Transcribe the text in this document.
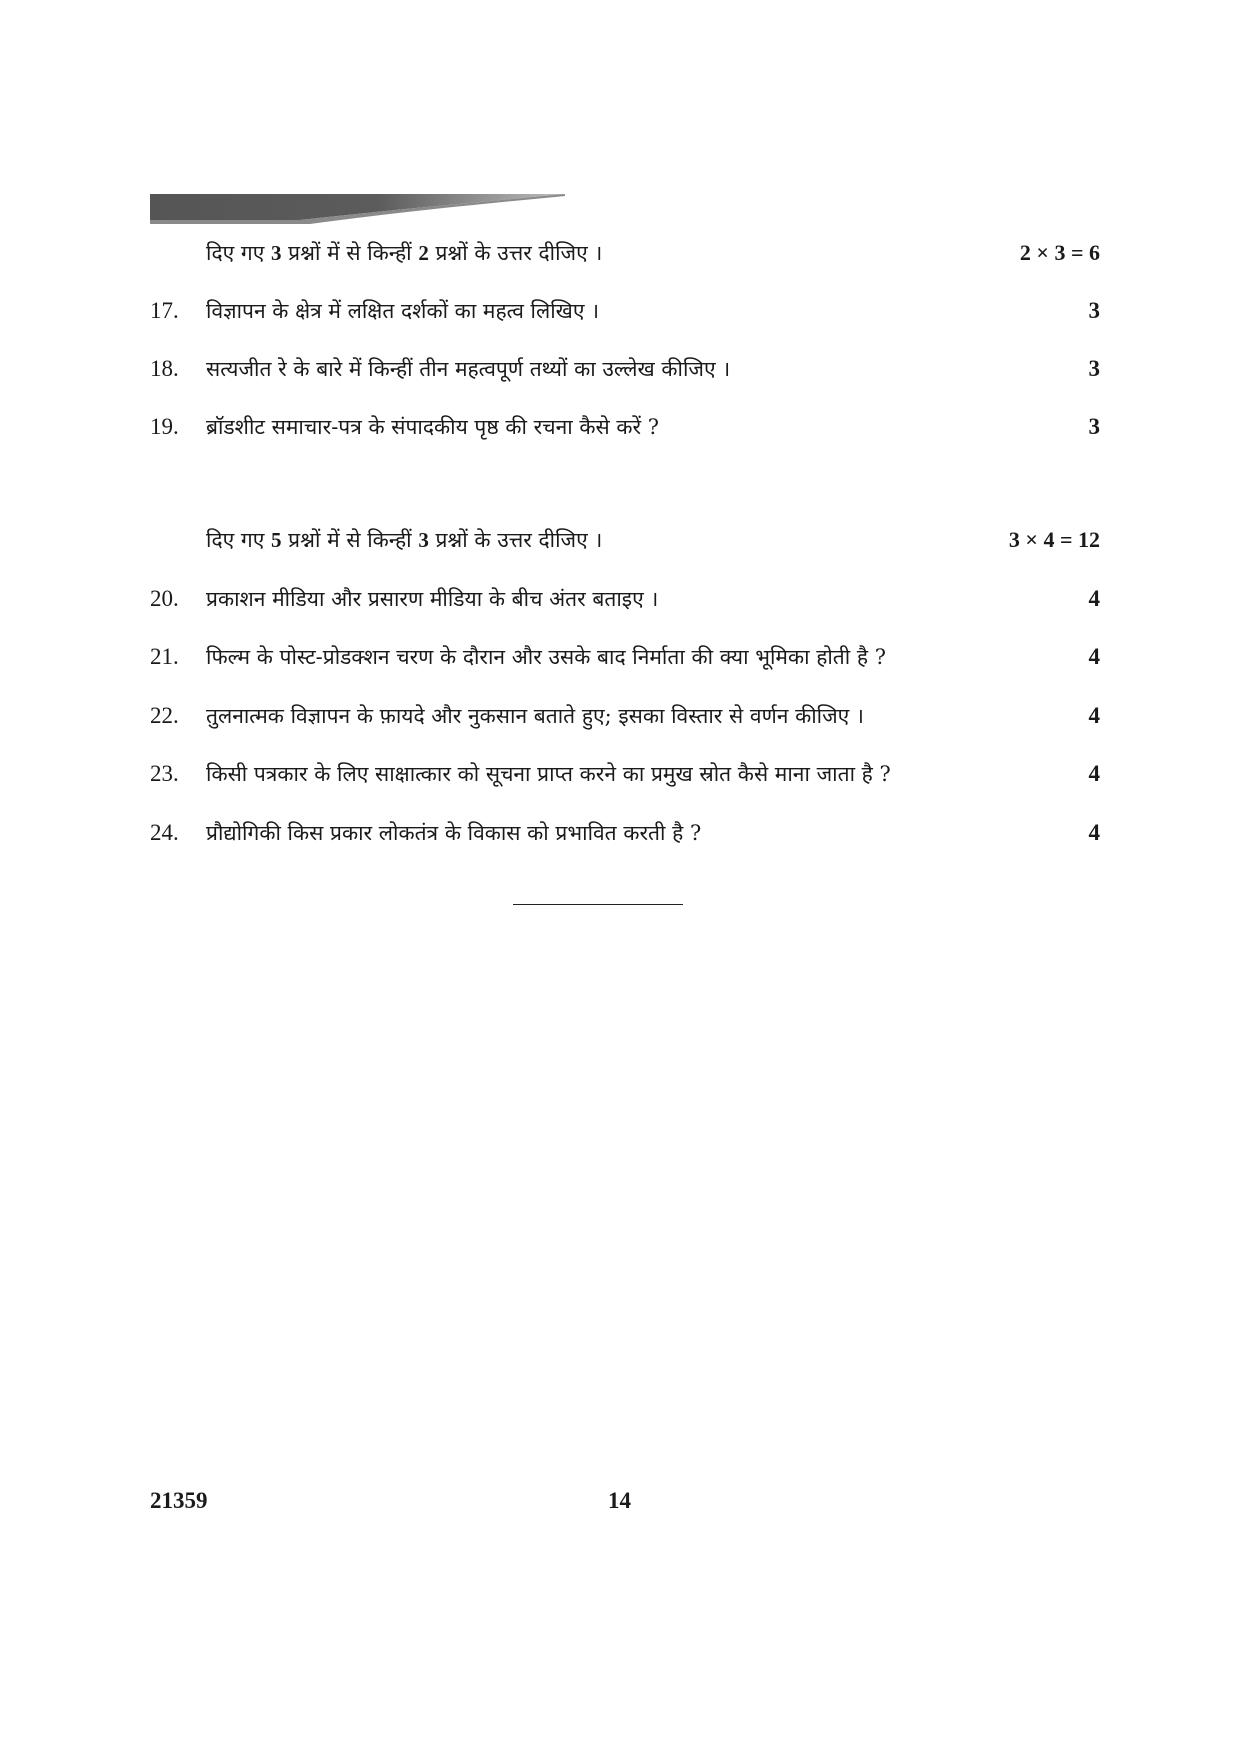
दिए गए 3 प्रश्नों में से किन्हीं 2 प्रश्नों के उत्तर दीजिए ।	2 × 3 = 6
17.	विज्ञापन के क्षेत्र में लक्षित दर्शकों का महत्व लिखिए ।	3
18.	सत्यजीत रे के बारे में किन्हीं तीन महत्वपूर्ण तथ्यों का उल्लेख कीजिए ।	3
19.	ब्रॉडशीट समाचार-पत्र के संपादकीय पृष्ठ की रचना कैसे करें ?	3
दिए गए 5 प्रश्नों में से किन्हीं 3 प्रश्नों के उत्तर दीजिए ।	3 × 4 = 12
20.	प्रकाशन मीडिया और प्रसारण मीडिया के बीच अंतर बताइए ।	4
21.	फिल्म के पोस्ट-प्रोडक्शन चरण के दौरान और उसके बाद निर्माता की क्या भूमिका होती है ?	4
22.	तुलनात्मक विज्ञापन के फ़ायदे और नुकसान बताते हुए; इसका विस्तार से वर्णन कीजिए ।	4
23.	किसी पत्रकार के लिए साक्षात्कार को सूचना प्राप्त करने का प्रमुख स्रोत कैसे माना जाता है ?	4
24.	प्रौद्योगिकी किस प्रकार लोकतंत्र के विकास को प्रभावित करती है ?	4
21359	14
